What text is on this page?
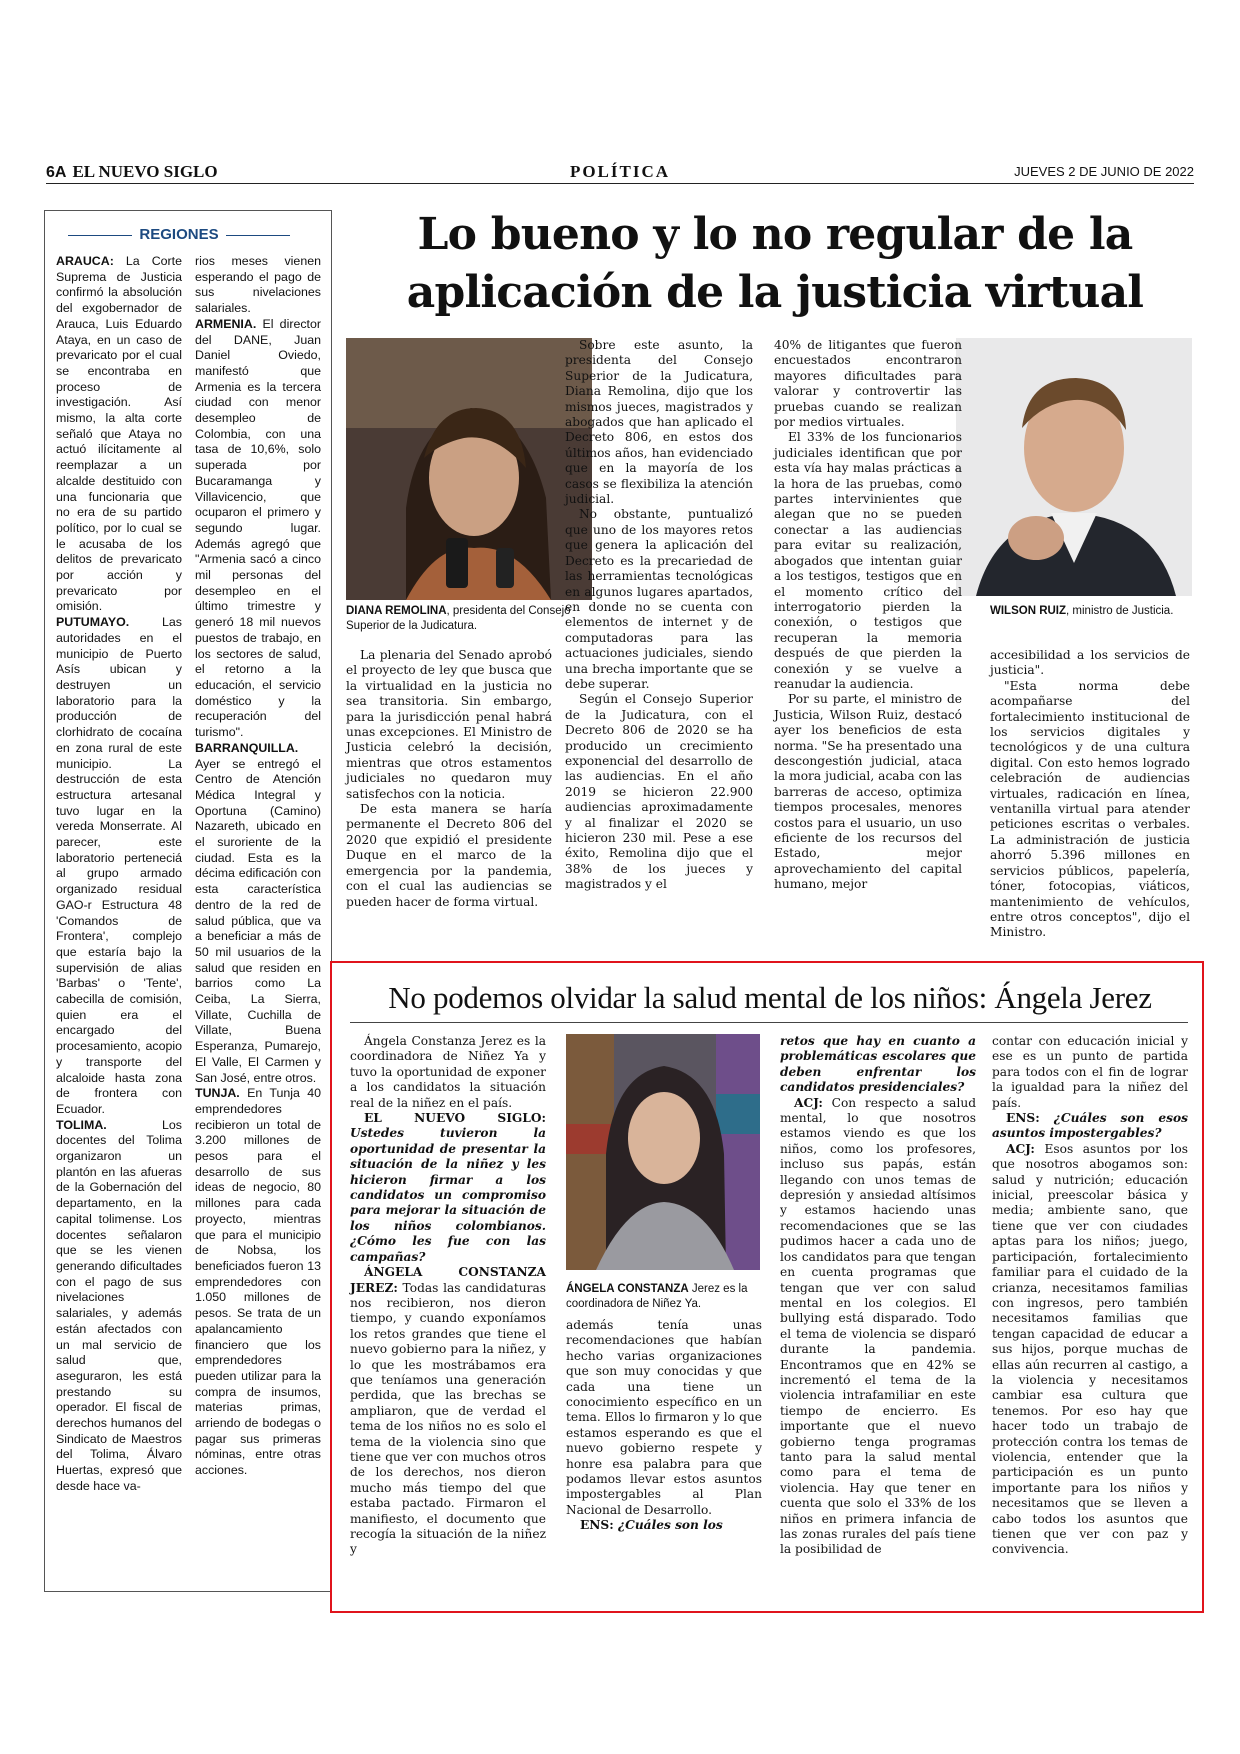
6A EL NUEVO SIGLO	POLÍTICA	JUEVES 2 DE JUNIO DE 2022
REGIONES

ARAUCA: La Corte Suprema de Justicia confirmó la absolución del exgobernador de Arauca, Luis Eduardo Ataya, en un caso de prevaricato por el cual se encontraba en proceso de investigación. Así mismo, la alta corte señaló que Ataya no actuó ilícitamente al reemplazar a un alcalde destituido con una funcionaria que no era de su partido político, por lo cual se le acusaba de los delitos de prevaricato por acción y prevaricato por omisión.

PUTUMAYO. Las autoridades en el municipio de Puerto Asís ubican y destruyen un laboratorio para la producción de clorhidrato de cocaína en zona rural de este municipio. La destrucción de esta estructura artesanal tuvo lugar en la vereda Monserrate. Al parecer, este laboratorio perteneciá al grupo armado organizado residual GAO-r Estructura 48 'Comandos de Frontera', complejo que estaría bajo la supervisión de alias 'Barbas' o 'Tente', cabecilla de comisión, quien era el encargado del procesamiento, acopio y transporte del alcaloide hasta zona de frontera con Ecuador.

TOLIMA. Los docentes del Tolima organizaron un plantón en las afueras de la Gobernación del departamento, en la capital tolimense. Los docentes señalaron que se les vienen generando dificultades con el pago de sus nivelaciones salariales, y además están afectados con un mal servicio de salud que, aseguraron, les está prestando su operador. El fiscal de derechos humanos del Sindicato de Maestros del Tolima, Álvaro Huertas, expresó que desde hace va-

rios meses vienen esperando el pago de sus nivelaciones salariales.

ARMENIA. El director del DANE, Juan Daniel Oviedo, manifestó que Armenia es la tercera ciudad con menor desempleo de Colombia, con una tasa de 10,6%, solo superada por Bucaramanga y Villavicencio, que ocuparon el primero y segundo lugar. Además agregó que "Armenia sacó a cinco mil personas del desempleo en el último trimestre y generó 18 mil nuevos puestos de trabajo, en los sectores de salud, el retorno a la educación, el servicio doméstico y la recuperación del turismo".

BARRANQUILLA. Ayer se entregó el Centro de Atención Médica Integral y Oportuna (Camino) Nazareth, ubicado en el suroriente de la ciudad. Esta es la décima edificación con esta característica dentro de la red de salud pública, que va a beneficiar a más de 50 mil usuarios de la salud que residen en barrios como La Ceiba, La Sierra, Villate, Cuchilla de Villate, Buena Esperanza, Pumarejo, El Valle, El Carmen y San José, entre otros.

TUNJA. En Tunja 40 emprendedores recibieron un total de 3.200 millones de pesos para el desarrollo de sus ideas de negocio, 80 millones para cada proyecto, mientras que para el municipio de Nobsa, los beneficiados fueron 13 emprendedores con 1.050 millones de pesos. Se trata de un apalancamiento financiero que los emprendedores pueden utilizar para la compra de insumos, materias primas, arriendo de bodegas o pagar sus primeras nóminas, entre otras acciones.

Lo bueno y lo no regular de la aplicación de la justicia virtual
DIANA REMOLINA, presidenta del Consejo Superior de la Judicatura.
WILSON RUIZ, ministro de Justicia.

La plenaria del Senado aprobó el proyecto de ley que busca que la virtualidad en la justicia no sea transitoria. Sin embargo, para la jurisdicción penal habrá unas excepciones. El Ministro de Justicia celebró la decisión, mientras que otros estamentos judiciales no quedaron muy satisfechos con la noticia.

De esta manera se haría permanente el Decreto 806 del 2020 que expidió el presidente Duque en el marco de la emergencia por la pandemia, con el cual las audiencias se pueden hacer de forma virtual.

Sobre este asunto, la presidenta del Consejo Superior de la Judicatura, Diana Remolina, dijo que los mismos jueces, magistrados y abogados que han aplicado el Decreto 806, en estos dos últimos años, han evidenciado que en la mayoría de los casos se flexibiliza la atención judicial.

No obstante, puntualizó que uno de los mayores retos que genera la aplicación del Decreto es la precariedad de las herramientas tecnológicas en algunos lugares apartados, en donde no se cuenta con elementos de internet y de computadoras para las actuaciones judiciales, siendo una brecha importante que se debe superar.

Según el Consejo Superior de la Judicatura, con el Decreto 806 de 2020 se ha producido un crecimiento exponencial del desarrollo de las audiencias. En el año 2019 se hicieron 22.900 audiencias aproximadamente y al finalizar el 2020 se hicieron 230 mil. Pese a ese éxito, Remolina dijo que el 38% de los jueces y magistrados y el

40% de litigantes que fueron encuestados encontraron mayores dificultades para valorar y controvertir las pruebas cuando se realizan por medios virtuales.

El 33% de los funcionarios judiciales identifican que por esta vía hay malas prácticas a la hora de las pruebas, como partes intervinientes que alegan que no se pueden conectar a las audiencias para evitar su realización, abogados que intentan guiar a los testigos, testigos que en el momento crítico del interrogatorio pierden la conexión, o testigos que recuperan la memoria después de que pierden la conexión y se vuelve a reanudar la audiencia.

Por su parte, el ministro de Justicia, Wilson Ruiz, destacó ayer los beneficios de esta norma. "Se ha presentado una descongestión judicial, ataca la mora judicial, acaba con las barreras de acceso, optimiza tiempos procesales, menores costos para el usuario, un uso eficiente de los recursos del Estado, mejor aprovechamiento del capital humano, mejor

accesibilidad a los servicios de justicia".

"Esta norma debe acompañarse del fortalecimiento institucional de los servicios digitales y tecnológicos y de una cultura digital. Con esto hemos logrado celebración de audiencias virtuales, radicación en línea, ventanilla virtual para atender peticiones escritas o verbales. La administración de justicia ahorró 5.396 millones en servicios públicos, papelería, tóner, fotocopias, viáticos, mantenimiento de vehículos, entre otros conceptos", dijo el Ministro.

No podemos olvidar la salud mental de los niños: Ángela Jerez

Ángela Constanza Jerez es la coordinadora de Niñez Ya y tuvo la oportunidad de exponer a los candidatos la situación real de la niñez en el país.

EL NUEVO SIGLO: Ustedes tuvieron la oportunidad de presentar la situación de la niñez y les hicieron firmar a los candidatos un compromiso para mejorar la situación de los niños colombianos. ¿Cómo les fue con las campañas?

ÁNGELA CONSTANZA JEREZ: Todas las candidaturas nos recibieron, nos dieron tiempo, y cuando exponíamos los retos grandes que tiene el nuevo gobierno para la niñez, y lo que les mostrábamos era que teníamos una generación perdida, que las brechas se ampliaron, que de verdad el tema de los niños no es solo el tema de la violencia sino que tiene que ver con muchos otros de los derechos, nos dieron mucho más tiempo del que estaba pactado. Firmaron el manifiesto, el documento que recogía la situación de la niñez y

ÁNGELA CONSTANZA Jerez es la coordinadora de Niñez Ya.

además tenía unas recomendaciones que habían hecho varias organizaciones que son muy conocidas y que cada una tiene un conocimiento específico en un tema. Ellos lo firmaron y lo que estamos esperando es que el nuevo gobierno respete y honre esa palabra para que podamos llevar estos asuntos impostergables al Plan Nacional de Desarrollo.

ENS: ¿Cuáles son los

retos que hay en cuanto a problemáticas escolares que deben enfrentar los candidatos presidenciales?

ACJ: Con respecto a salud mental, lo que nosotros estamos viendo es que los niños, como los profesores, incluso sus papás, están llegando con unos temas de depresión y ansiedad altísimos y estamos haciendo unas recomendaciones que se las pudimos hacer a cada uno de los candidatos para que tengan en cuenta programas que tengan que ver con salud mental en los colegios. El bullying está disparado. Todo el tema de violencia se disparó durante la pandemia. Encontramos que en 42% se incrementó el tema de la violencia intrafamiliar en este tiempo de encierro. Es importante que el nuevo gobierno tenga programas tanto para la salud mental como para el tema de violencia. Hay que tener en cuenta que solo el 33% de los niños en primera infancia de las zonas rurales del país tiene la posibilidad de

contar con educación inicial y ese es un punto de partida para todos con el fin de lograr la igualdad para la niñez del país.

ENS: ¿Cuáles son esos asuntos impostergables?

ACJ: Esos asuntos por los que nosotros abogamos son: salud y nutrición; educación inicial, preescolar básica y media; ambiente sano, que tiene que ver con ciudades aptas para los niños; juego, participación, fortalecimiento familiar para el cuidado de la crianza, necesitamos familias con ingresos, pero también necesitamos familias que tengan capacidad de educar a sus hijos, porque muchas de ellas aún recurren al castigo, a la violencia y necesitamos cambiar esa cultura que tenemos. Por eso hay que hacer todo un trabajo de protección contra los temas de violencia, entender que la participación es un punto importante para los niños y necesitamos que se lleven a cabo todos los asuntos que tienen que ver con paz y convivencia.
